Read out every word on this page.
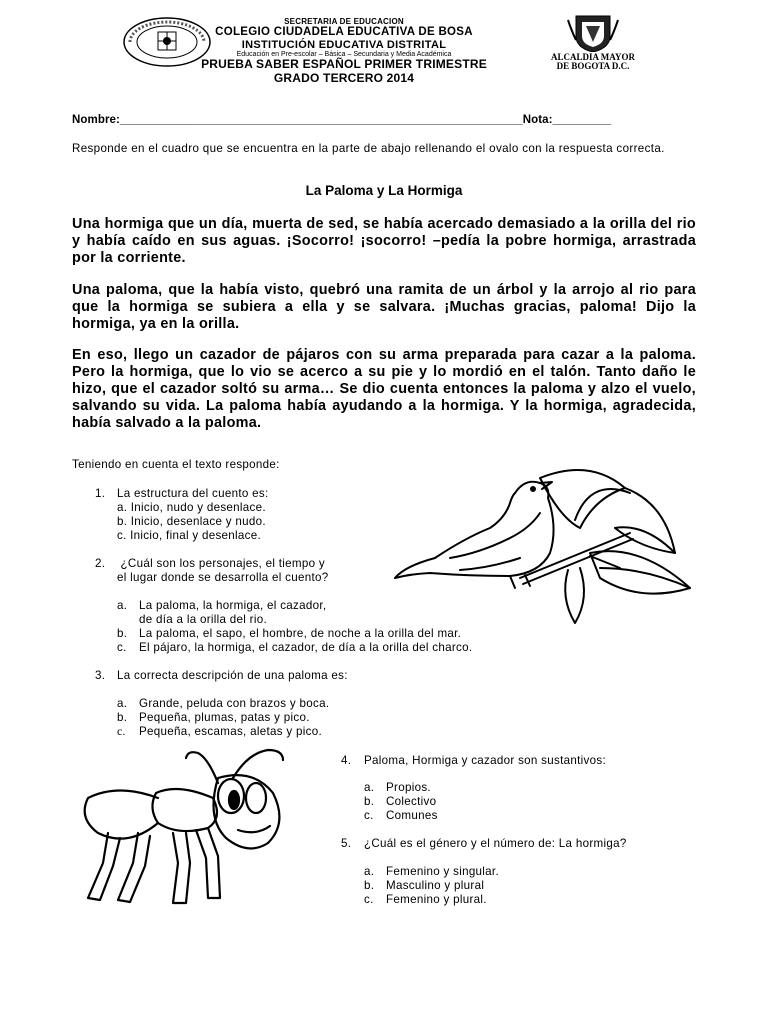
SECRETARIA DE EDUCACION
COLEGIO CIUDADELA EDUCATIVA DE BOSA
INSTITUCIÓN EDUCATIVA DISTRITAL
Educación en Pre-escolar – Básica – Secundaria y Media Académica
PRUEBA SABER ESPAÑOL PRIMER TRIMESTRE
GRADO TERCERO 2014
ALCALDIA MAYOR
DE BOGOTA D.C.
Nombre:______________________________________________________________Nota:_________
Responde en el cuadro que se encuentra en la parte de abajo rellenando el ovalo con la respuesta correcta.
La Paloma y La Hormiga
Una hormiga que un día, muerta de sed, se había acercado demasiado a la orilla del rio y había caído en sus aguas. ¡Socorro! ¡socorro! –pedía la pobre hormiga, arrastrada por la corriente.
Una paloma, que la había visto, quebró una ramita de un árbol y la arrojo al rio para que la hormiga se subiera a ella y se salvara. ¡Muchas gracias, paloma! Dijo la hormiga, ya en la orilla.
En eso, llego un cazador de pájaros con su arma preparada para cazar a la paloma. Pero la hormiga, que lo vio se acerco a su pie y lo mordió en el talón. Tanto daño le hizo, que el cazador soltó su arma… Se dio cuenta entonces la paloma y alzo el vuelo, salvando su vida. La paloma había ayudando a la hormiga. Y la hormiga, agradecida, había salvado a la paloma.
Teniendo en cuenta el texto responde:
1. La estructura del cuento es:
a. Inicio, nudo y desenlace.
b. Inicio, desenlace y nudo.
c. Inicio, final y desenlace.
2. ¿Cuál son los personajes, el tiempo y
el lugar donde se desarrolla el cuento?
a. La paloma, la hormiga, el cazador,
de día a la orilla del rio.
b. La paloma, el sapo, el hombre, de noche a la orilla del mar.
c. El pájaro, la hormiga, el cazador, de día a la orilla del charco.
3. La correcta descripción de una paloma es:
a. Grande, peluda con brazos y boca.
b. Pequeña, plumas, patas y pico.
c. Pequeña, escamas, aletas y pico.
4. Paloma, Hormiga y cazador son sustantivos:
a. Propios.
b. Colectivo
c. Comunes
5. ¿Cuál es el género y el número de: La hormiga?
a. Femenino y singular.
b. Masculino y plural
c. Femenino y plural.
